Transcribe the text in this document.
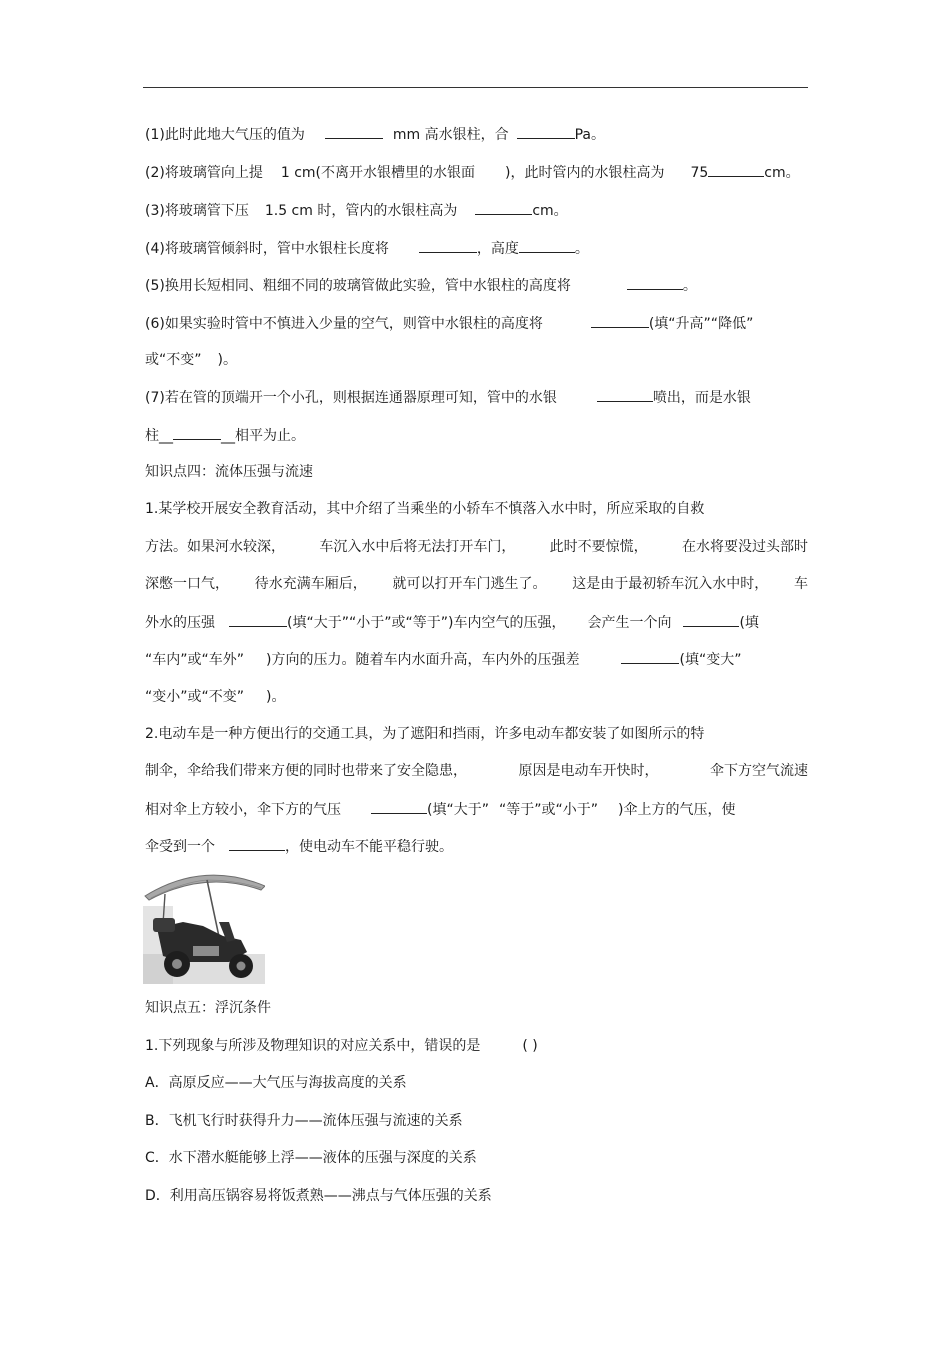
(1)此时此地大气压的值为	mm 高水银柱，合	Pa。
(2)将玻璃管向上提 1 cm(不离开水银槽里的水银面 )，此时管内的水银柱高为 75	cm。
(3)将玻璃管下压 1.5 cm 时，管内的水银柱高为	cm。
(4)将玻璃管倾斜时，管中水银柱长度将	，高度	。
(5)换用长短相同、粗细不同的玻璃管做此实验，管中水银柱的高度将	。
(6)如果实验时管中不慎进入少量的空气，则管中水银柱的高度将	(填“升高”“降低”
或“不变” )。
(7)若在管的顶端开一个小孔，则根据连通器原理可知，管中的水银	喷出，而是水银
柱__	__相平为止。
知识点四：流体压强与流速
1.某学校开展安全教育活动，其中介绍了当乘坐的小轿车不慎落入水中时，所应采取的自救
方法。如果河水较深， 车沉入水中后将无法打开车门， 此时不要惊慌， 在水将要没过头部时
深憋一口气， 待水充满车厢后， 就可以打开车门逃生了。 这是由于最初轿车沉入水中时， 车
外水的压强	(填“大于”“小于”或“等于”)车内空气的压强， 会产生一个向	(填
“车内”或“车外” )方向的压力。随着车内水面升高，车内外的压强差	(填“变大”
“变小”或“不变” )。
2.电动车是一种方便出行的交通工具，为了遮阳和挡雨，许多电动车都安装了如图所示的特
制伞，伞给我们带来方便的同时也带来了安全隐患，	原因是电动车开快时，	伞下方空气流速
相对伞上方较小，伞下方的气压	(填“大于” “等于”或“小于” )伞上方的气压，使
伞受到一个	，使电动车不能平稳行驶。
知识点五：浮沉条件
1.下列现象与所涉及物理知识的对应关系中，错误的是	( )
A．高原反应——大气压与海拔高度的关系
B．飞机飞行时获得升力——流体压强与流速的关系
C．水下潜水艇能够上浮——液体的压强与深度的关系
D．利用高压锅容易将饭煮熟——沸点与气体压强的关系
